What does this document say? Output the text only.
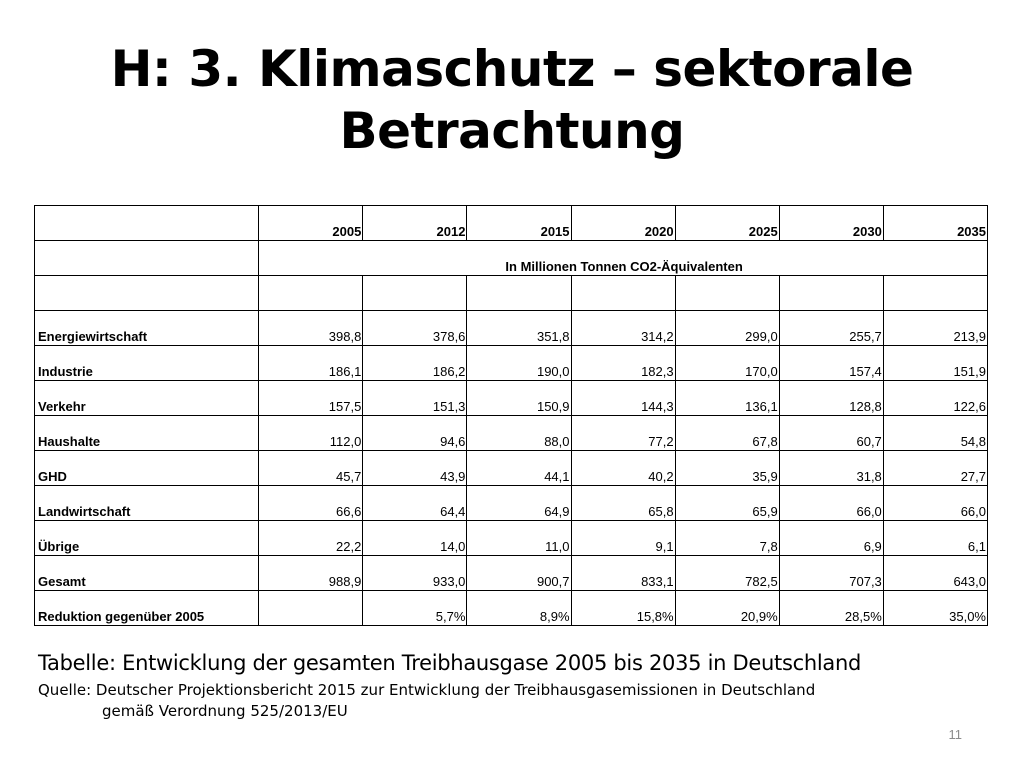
H: 3. Klimaschutz – sektorale
Betrachtung
	2005	2012	2015	2020	2025	2030	2035
	In Millionen Tonnen CO2-Äquivalenten						

Energiewirtschaft	398,8	378,6	351,8	314,2	299,0	255,7	213,9
Industrie	186,1	186,2	190,0	182,3	170,0	157,4	151,9
Verkehr	157,5	151,3	150,9	144,3	136,1	128,8	122,6
Haushalte	112,0	94,6	88,0	77,2	67,8	60,7	54,8
GHD	45,7	43,9	44,1	40,2	35,9	31,8	27,7
Landwirtschaft	66,6	64,4	64,9	65,8	65,9	66,0	66,0
Übrige	22,2	14,0	11,0	9,1	7,8	6,9	6,1
Gesamt	988,9	933,0	900,7	833,1	782,5	707,3	643,0
Reduktion gegenüber 2005		5,7%	8,9%	15,8%	20,9%	28,5%	35,0%
Tabelle: Entwicklung der gesamten Treibhausgase 2005 bis 2035 in Deutschland
Quelle: Deutscher Projektionsbericht 2015 zur Entwicklung der Treibhausgasemissionen in Deutschland
gemäß Verordnung 525/2013/EU
11
